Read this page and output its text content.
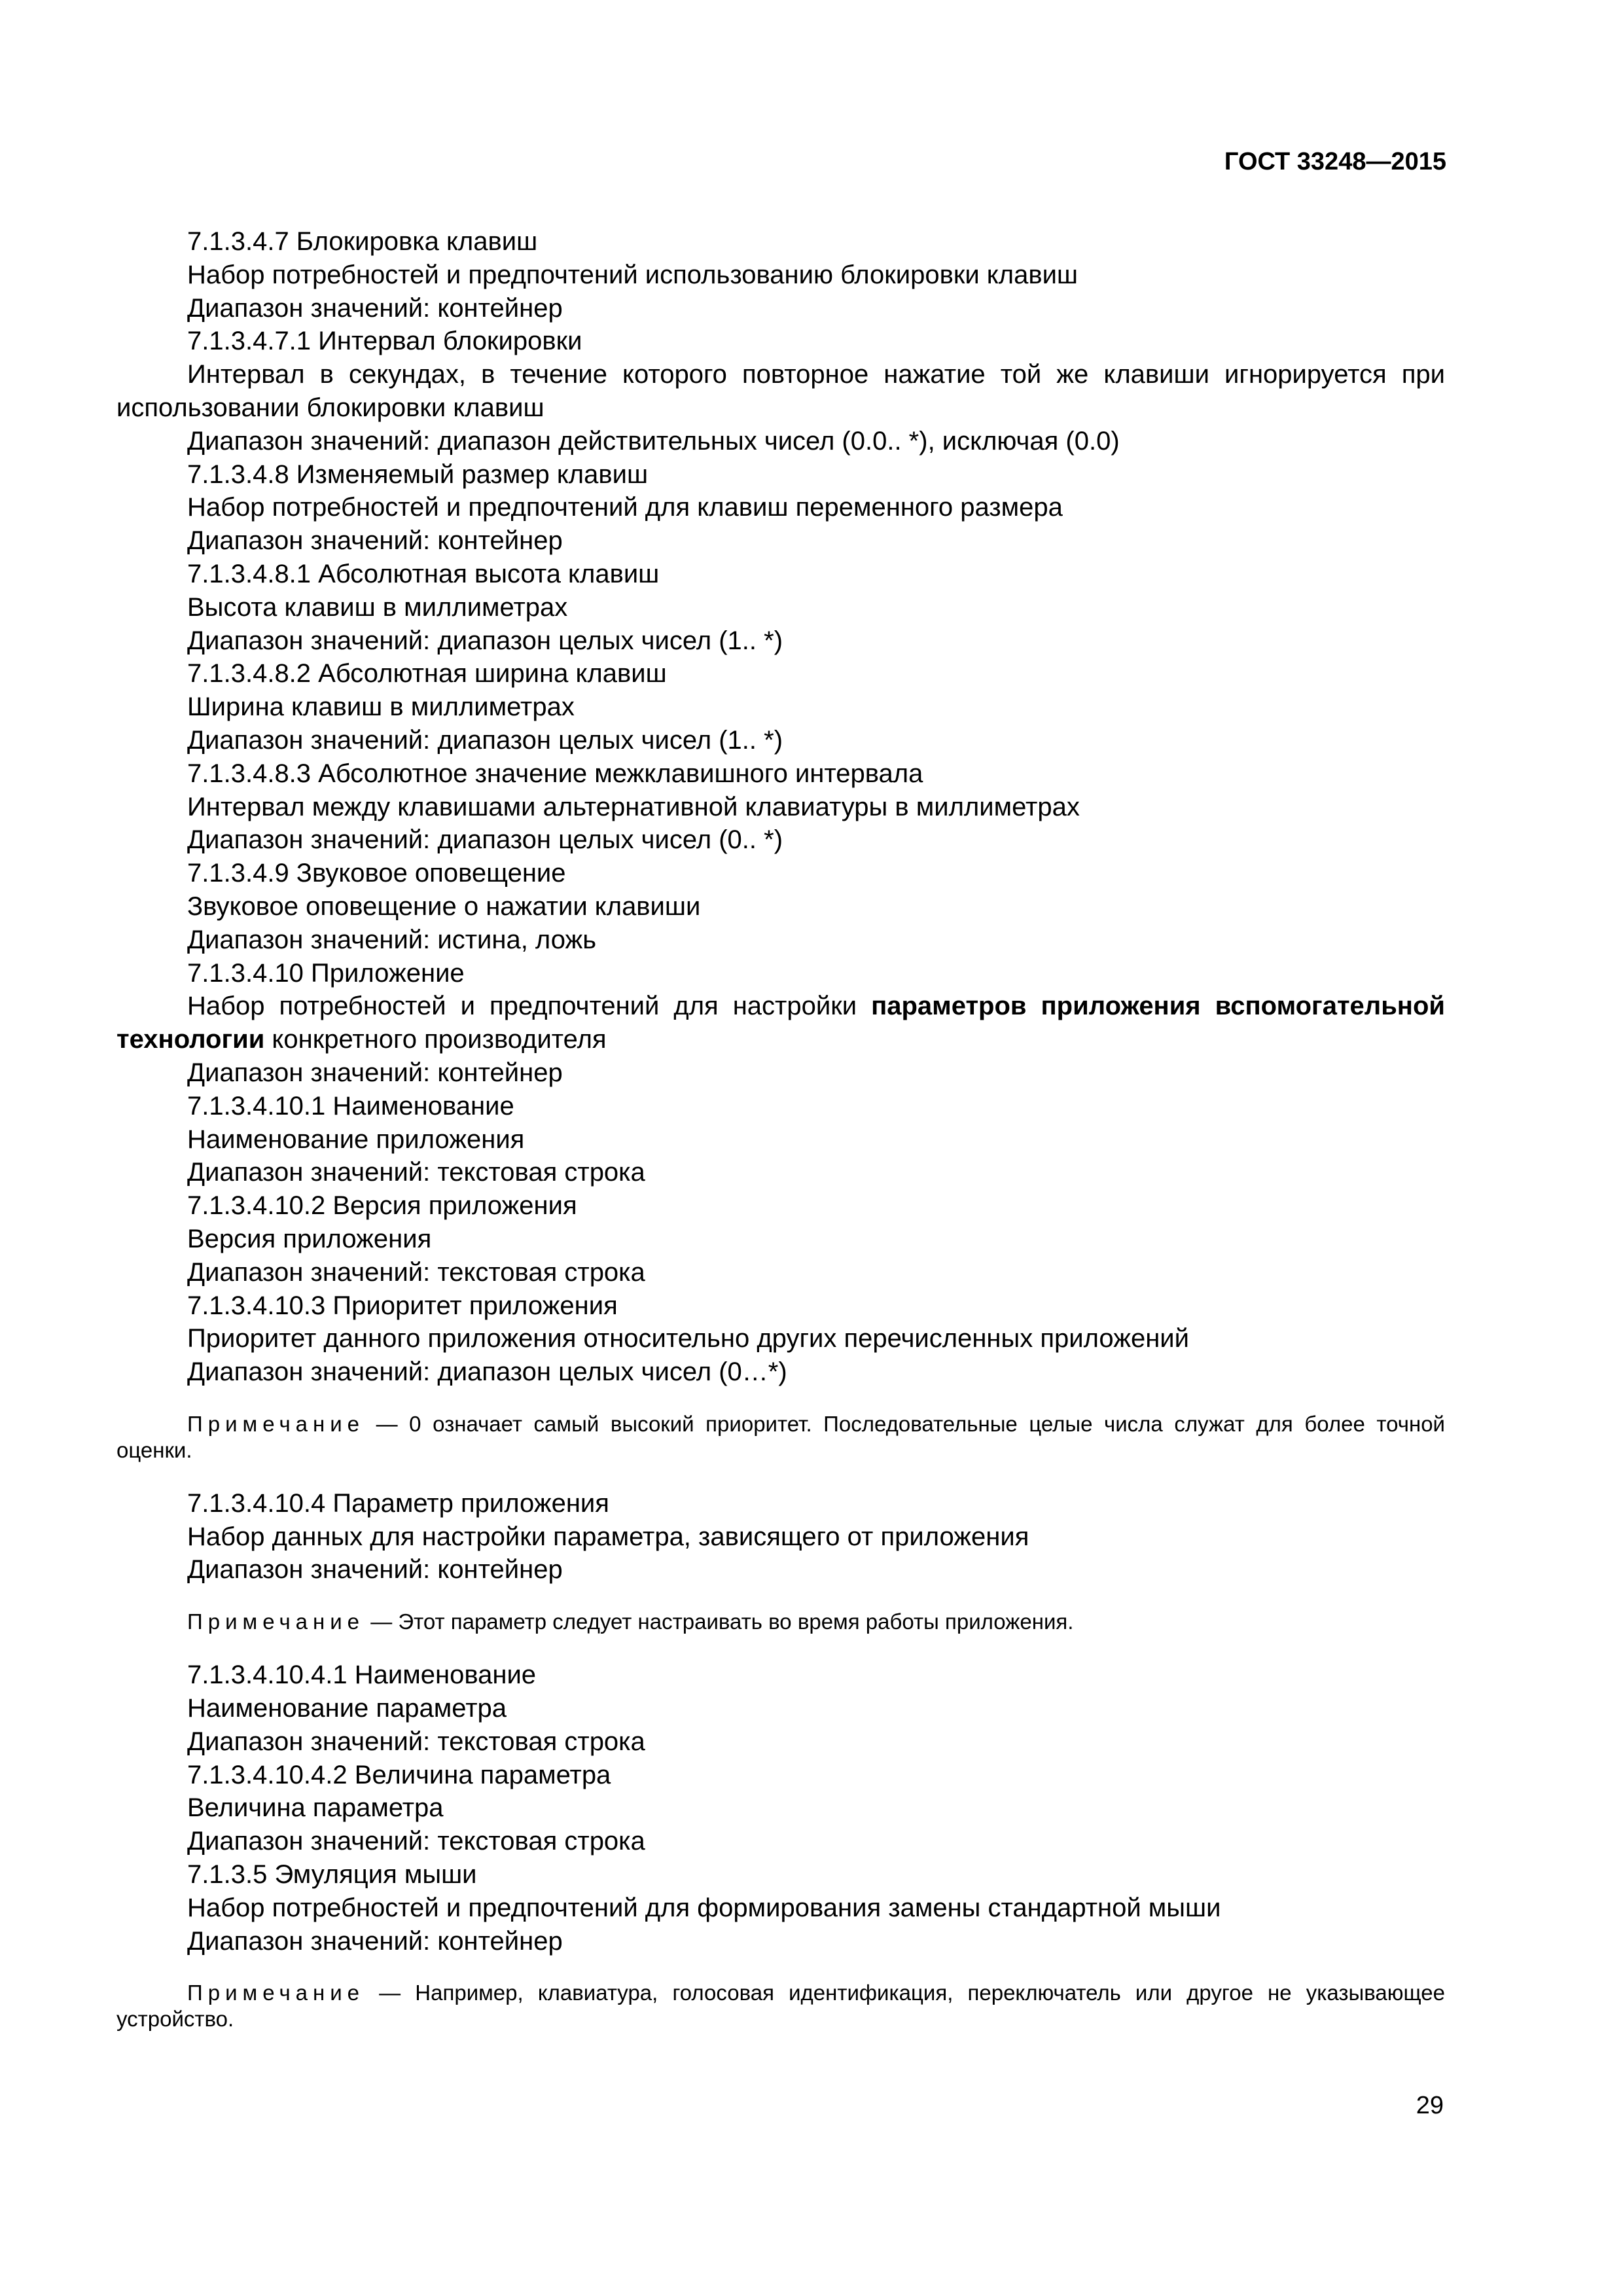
ГОСТ 33248—2015

7.1.3.4.7 Блокировка клавиш

Набор потребностей и предпочтений использованию блокировки клавиш

Диапазон значений: контейнер

7.1.3.4.7.1 Интервал блокировки

Интервал в секундах, в течение которого повторное нажатие той же клавиши игнорируется при использовании блокировки клавиш

Диапазон значений: диапазон действительных чисел (0.0.. *), исключая (0.0)

7.1.3.4.8 Изменяемый размер клавиш

Набор потребностей и предпочтений для клавиш переменного размера

Диапазон значений: контейнер

7.1.3.4.8.1 Абсолютная высота клавиш

Высота клавиш в миллиметрах

Диапазон значений: диапазон целых чисел (1.. *)

7.1.3.4.8.2 Абсолютная ширина клавиш

Ширина клавиш в миллиметрах

Диапазон значений: диапазон целых чисел (1.. *)

7.1.3.4.8.3 Абсолютное значение межклавишного интервала

Интервал между клавишами альтернативной клавиатуры в миллиметрах

Диапазон значений: диапазон целых чисел (0.. *)

7.1.3.4.9 Звуковое оповещение

Звуковое оповещение о нажатии клавиши

Диапазон значений: истина, ложь

7.1.3.4.10 Приложение

Набор потребностей и предпочтений для настройки параметров приложения вспомогательной технологии конкретного производителя

Диапазон значений: контейнер

7.1.3.4.10.1 Наименование

Наименование приложения

Диапазон значений: текстовая строка

7.1.3.4.10.2 Версия приложения

Версия приложения

Диапазон значений: текстовая строка

7.1.3.4.10.3 Приоритет приложения

Приоритет данного приложения относительно других перечисленных приложений

Диапазон значений: диапазон целых чисел (0…*)

Примечание — 0 означает самый высокий приоритет. Последовательные целые числа служат для более точной оценки.

7.1.3.4.10.4 Параметр приложения

Набор данных для настройки параметра, зависящего от приложения

Диапазон значений: контейнер

Примечание — Этот параметр следует настраивать во время работы приложения.

7.1.3.4.10.4.1 Наименование

Наименование параметра

Диапазон значений: текстовая строка

7.1.3.4.10.4.2 Величина параметра

Величина параметра

Диапазон значений: текстовая строка

7.1.3.5 Эмуляция мыши

Набор потребностей и предпочтений для формирования замены стандартной мыши

Диапазон значений: контейнер

Примечание — Например, клавиатура, голосовая идентификация, переключатель или другое не указывающее устройство.
29
